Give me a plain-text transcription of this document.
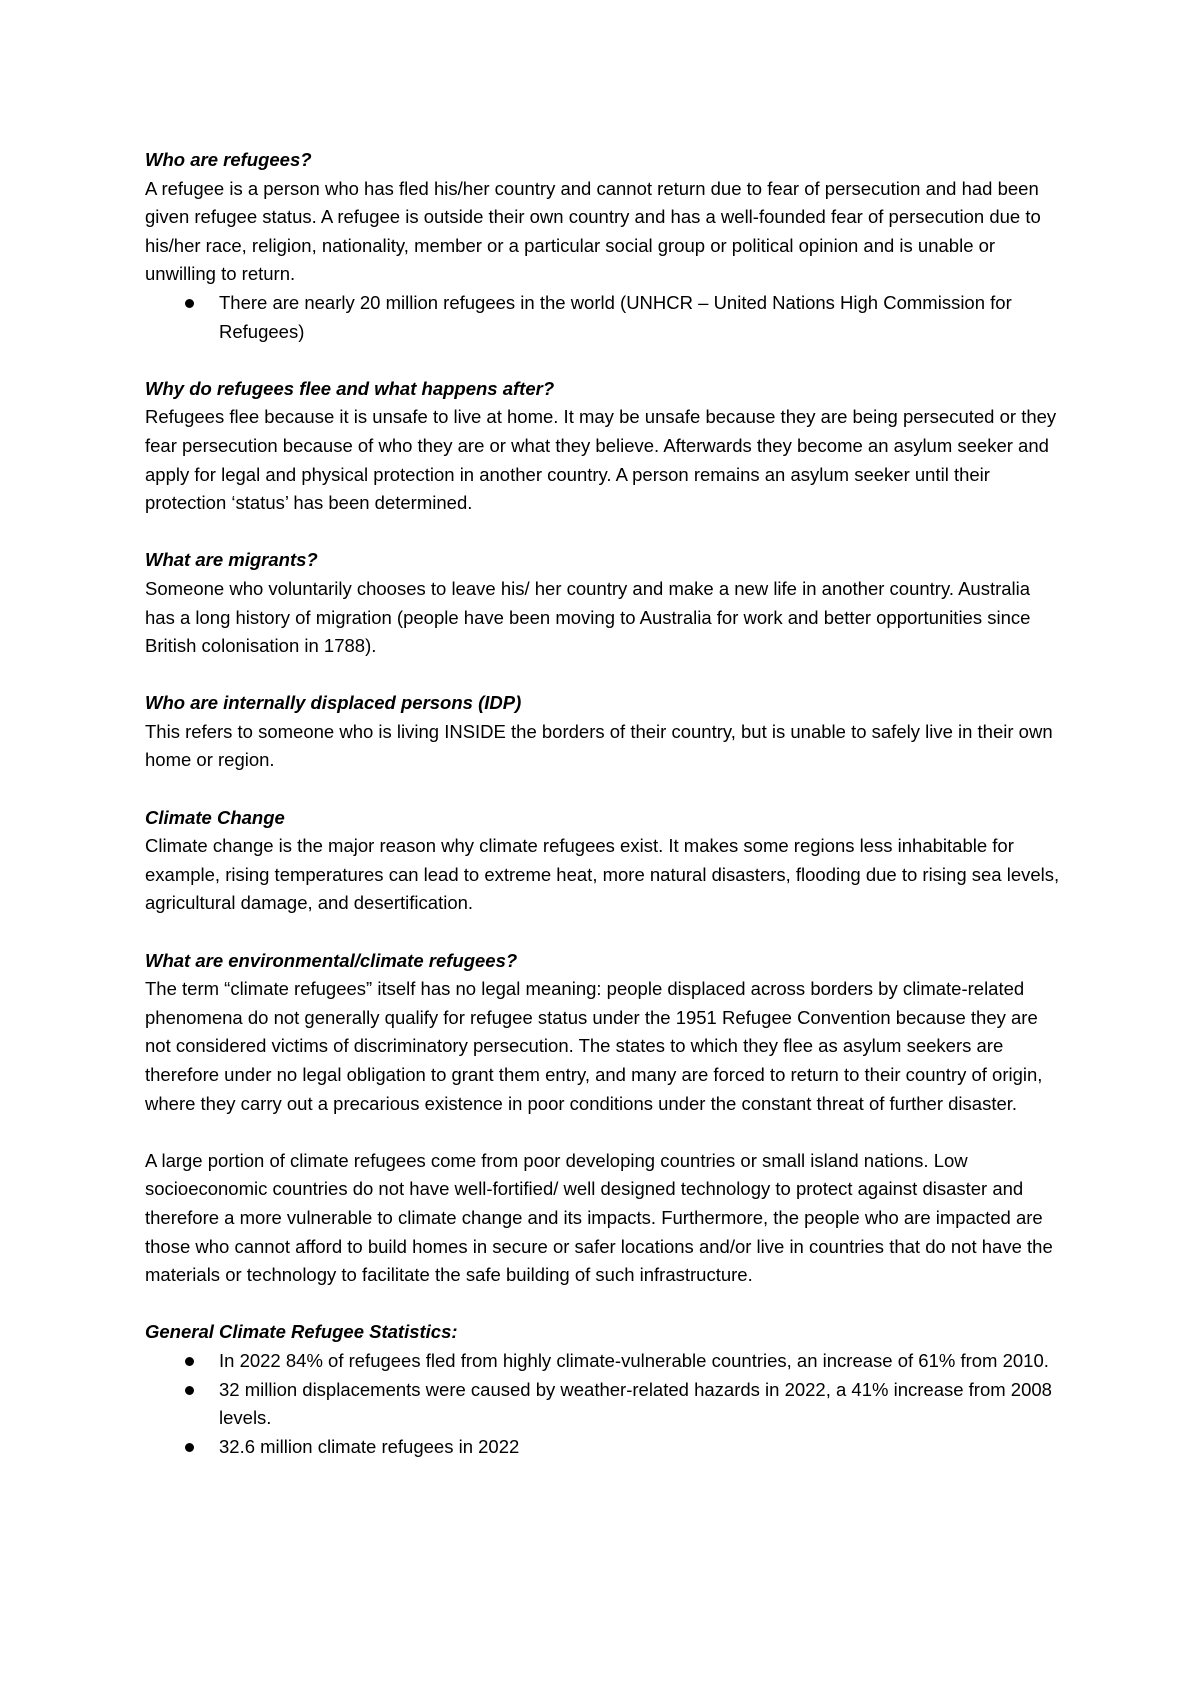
Who are refugees?

A refugee is a person who has fled his/her country and cannot return due to fear of persecution and had been given refugee status. A refugee is outside their own country and has a well-founded fear of persecution due to his/her race, religion, nationality, member or a particular social group or political opinion and is unable or unwilling to return.

There are nearly 20 million refugees in the world (UNHCR – United Nations High Commission for Refugees)

Why do refugees flee and what happens after?

Refugees flee because it is unsafe to live at home. It may be unsafe because they are being persecuted or they fear persecution because of who they are or what they believe. Afterwards they become an asylum seeker and apply for legal and physical protection in another country. A person remains an asylum seeker until their protection ‘status’ has been determined.

What are migrants?

Someone who voluntarily chooses to leave his/ her country and make a new life in another country. Australia has a long history of migration (people have been moving to Australia for work and better opportunities since British colonisation in 1788).

Who are internally displaced persons (IDP)

This refers to someone who is living INSIDE the borders of their country, but is unable to safely live in their own home or region.

Climate Change

Climate change is the major reason why climate refugees exist. It makes some regions less inhabitable for example, rising temperatures can lead to extreme heat, more natural disasters, flooding due to rising sea levels, agricultural damage, and desertification.

What are environmental/climate refugees?

The term “climate refugees” itself has no legal meaning: people displaced across borders by climate-related phenomena do not generally qualify for refugee status under the 1951 Refugee Convention because they are not considered victims of discriminatory persecution. The states to which they flee as asylum seekers are therefore under no legal obligation to grant them entry, and many are forced to return to their country of origin, where they carry out a precarious existence in poor conditions under the constant threat of further disaster.

A large portion of climate refugees come from poor developing countries or small island nations. Low socioeconomic countries do not have well-fortified/ well designed technology to protect against disaster and therefore a more vulnerable to climate change and its impacts. Furthermore, the people who are impacted are those who cannot afford to build homes in secure or safer locations and/or live in countries that do not have the materials or technology to facilitate the safe building of such infrastructure.

General Climate Refugee Statistics:

In 2022 84% of refugees fled from highly climate-vulnerable countries, an increase of 61% from 2010.
32 million displacements were caused by weather-related hazards in 2022, a 41% increase from 2008 levels.
32.6 million climate refugees in 2022
